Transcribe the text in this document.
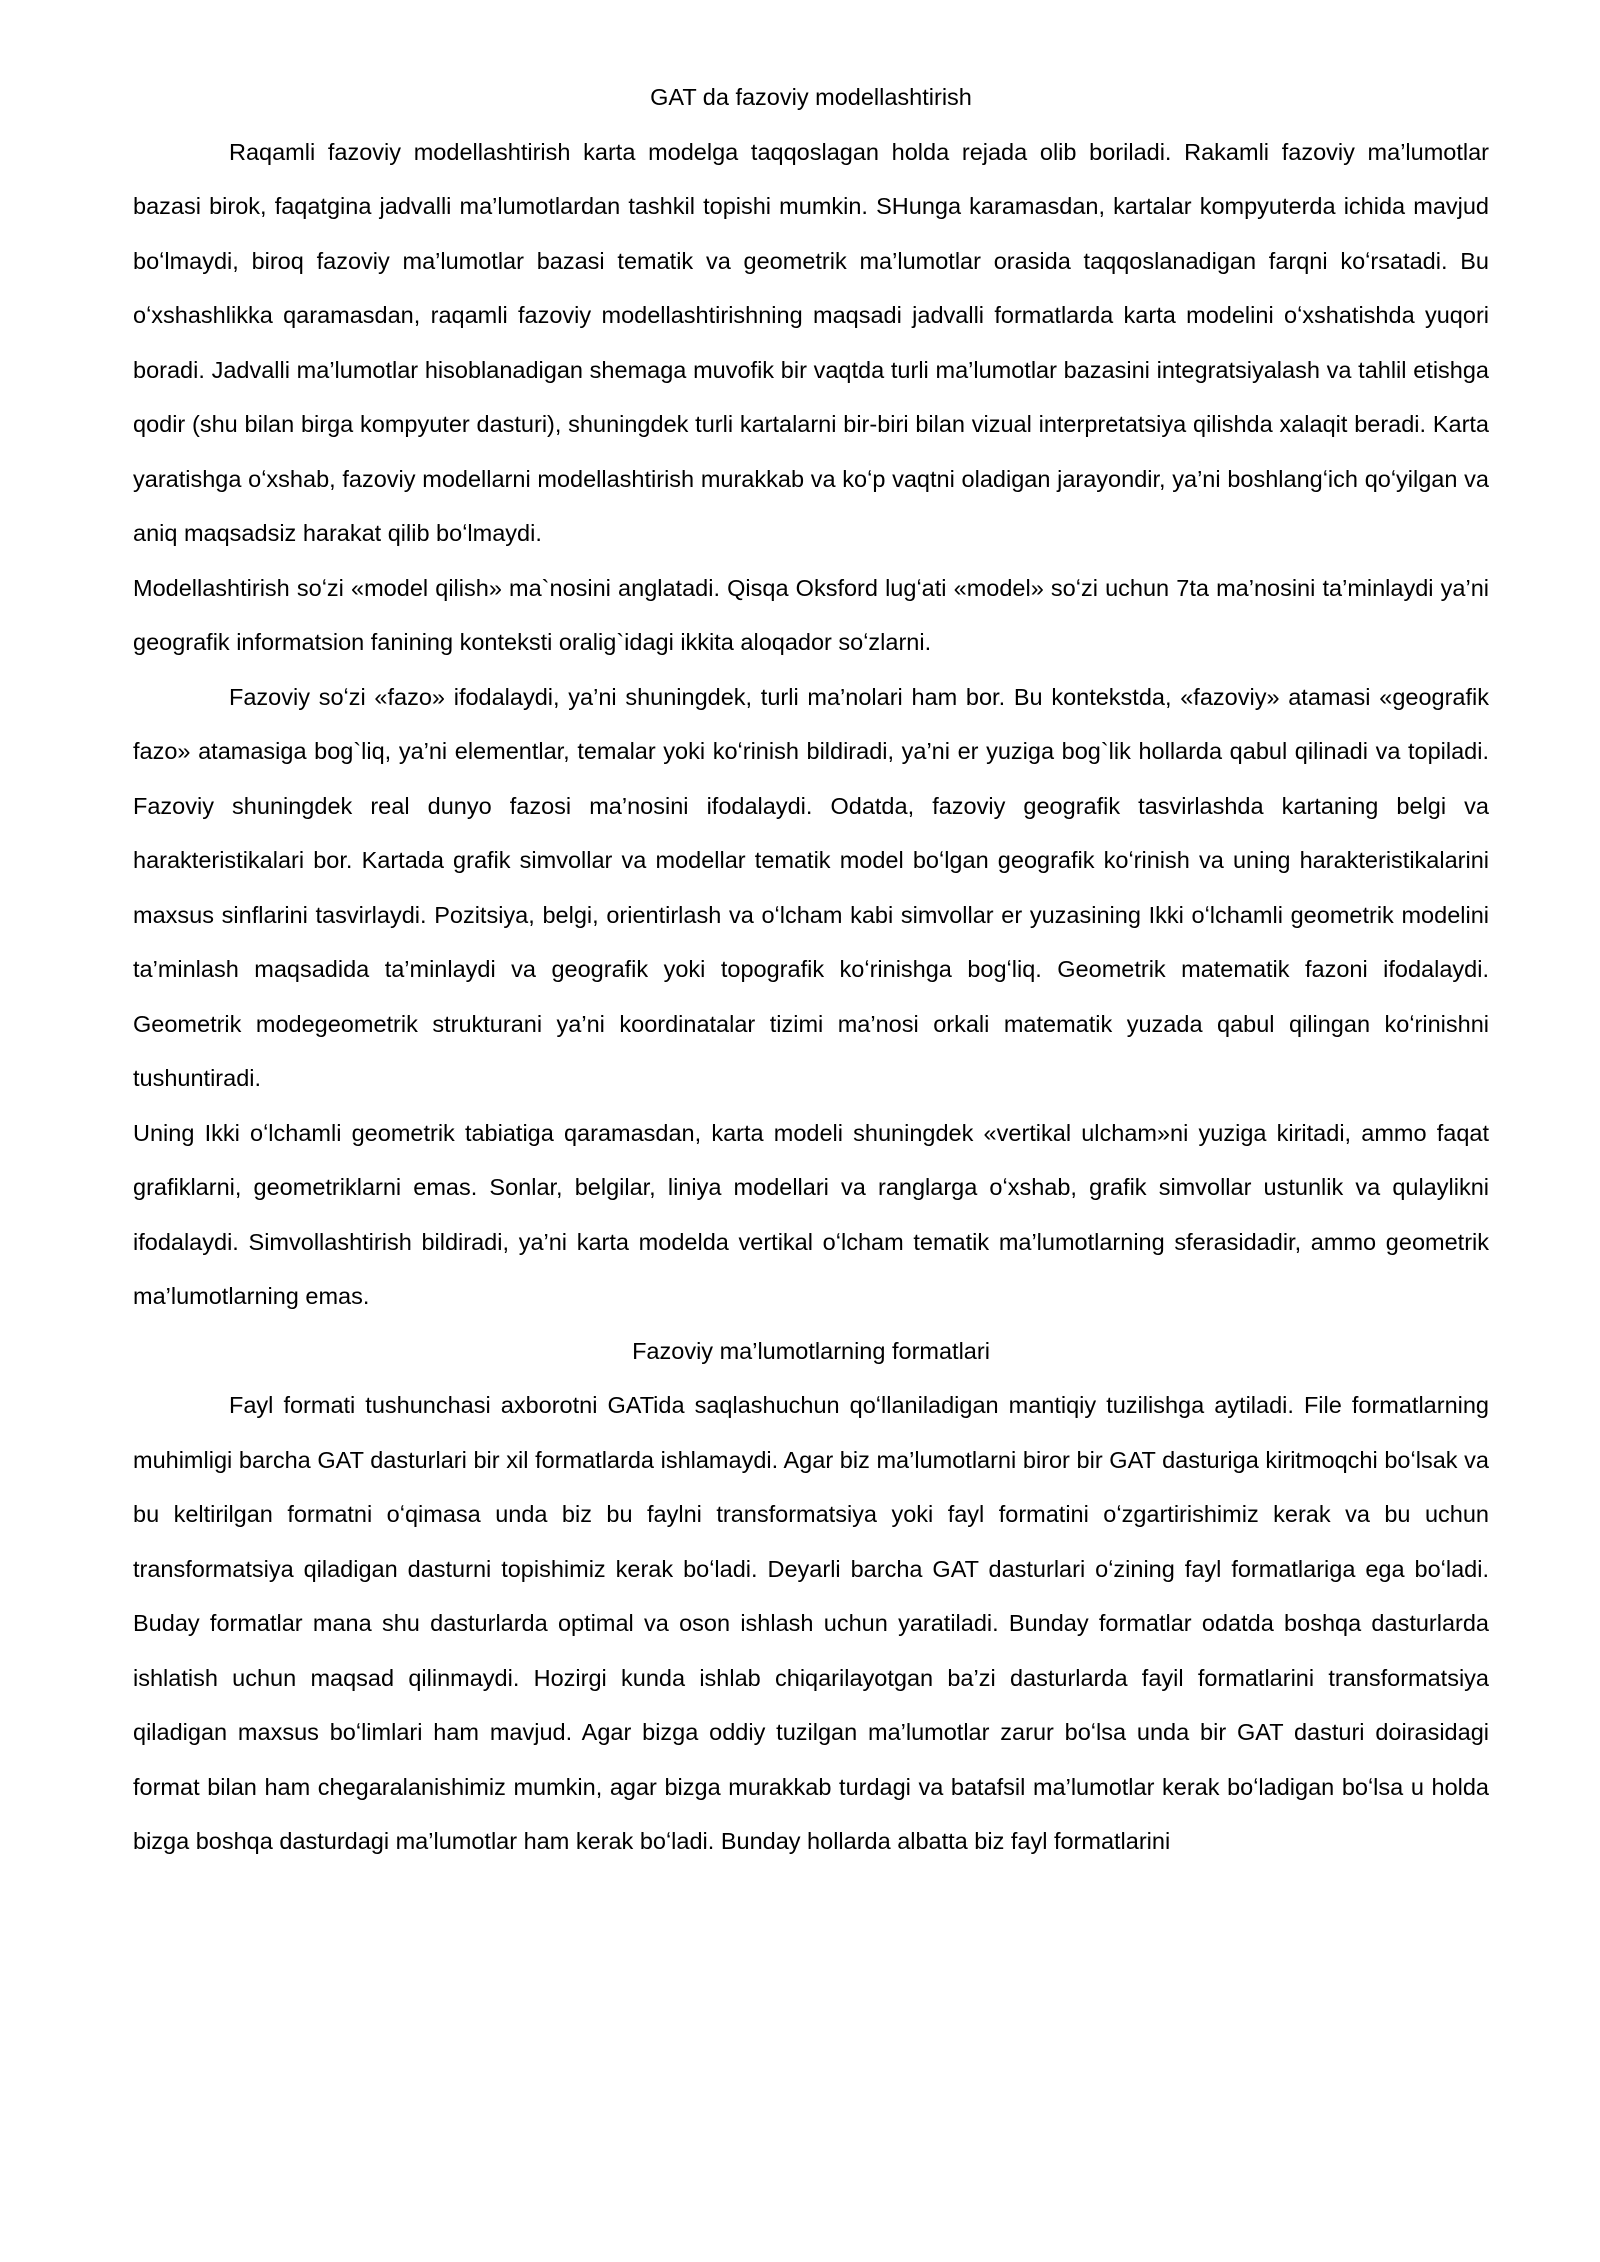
GAT da fazoviy modellashtirish

Raqamli fazoviy modellashtirish karta modelga taqqoslagan holda rejada olib boriladi. Rakamli fazoviy ma’lumotlar bazasi birok, faqatgina jadvalli ma’lumotlardan tashkil topishi mumkin. SHunga karamasdan, kartalar kompyuterda ichida mavjud boʻlmaydi, biroq fazoviy ma’lumotlar bazasi tematik va geometrik ma’lumotlar orasida taqqoslanadigan farqni koʻrsatadi. Bu oʻxshashlikka qaramasdan, raqamli fazoviy modellashtirishning maqsadi jadvalli formatlarda karta modelini oʻxshatishda yuqori boradi. Jadvalli ma’lumotlar hisoblanadigan shemaga muvofik bir vaqtda turli ma’lumotlar bazasini integratsiyalash va tahlil etishga qodir (shu bilan birga kompyuter dasturi), shuningdek turli kartalarni bir-biri bilan vizual interpretatsiya qilishda xalaqit beradi. Karta yaratishga oʻxshab, fazoviy modellarni modellashtirish murakkab va koʻp vaqtni oladigan jarayondir, ya’ni boshlangʻich qoʻyilgan va aniq maqsadsiz harakat qilib boʻlmaydi.

Modellashtirish soʻzi «model qilish» ma`nosini anglatadi. Qisqa Oksford lugʻati «model» soʻzi uchun 7ta ma’nosini ta’minlaydi ya’ni geografik informatsion fanining konteksti oralig`idagi ikkita aloqador soʻzlarni.

Fazoviy soʻzi «fazo» ifodalaydi, ya’ni shuningdek, turli ma’nolari ham bor. Bu kontekstda, «fazoviy» atamasi «geografik fazo» atamasiga bog`liq, ya’ni elementlar, temalar yoki koʻrinish bildiradi, ya’ni er yuziga bog`lik hollarda qabul qilinadi va topiladi. Fazoviy shuningdek real dunyo fazosi ma’nosini ifodalaydi. Odatda, fazoviy geografik tasvirlashda kartaning belgi va harakteristikalari bor. Kartada grafik simvollar va modellar tematik model boʻlgan geografik koʻrinish va uning harakteristikalarini maxsus sinflarini tasvirlaydi. Pozitsiya, belgi, orientirlash va oʻlcham kabi simvollar er yuzasining Ikki oʻlchamli geometrik modelini ta’minlash maqsadida ta’minlaydi va geografik yoki topografik koʻrinishga bogʻliq. Geometrik matematik fazoni ifodalaydi. Geometrik modegeometrik strukturani ya’ni koordinatalar tizimi ma’nosi orkali matematik yuzada qabul qilingan koʻrinishni tushuntiradi.

Uning Ikki oʻlchamli geometrik tabiatiga qaramasdan, karta modeli shuningdek «vertikal ulcham»ni yuziga kiritadi, ammo faqat grafiklarni, geometriklarni emas. Sonlar, belgilar, liniya modellari va ranglarga oʻxshab, grafik simvollar ustunlik va qulaylikni ifodalaydi. Simvollashtirish bildiradi, ya’ni karta modelda vertikal oʻlcham tematik ma’lumotlarning sferasidadir, ammo geometrik ma’lumotlarning emas.

Fazoviy ma’lumotlarning formatlari

Fayl formati tushunchasi axborotni GATida saqlashuchun qoʻllaniladigan mantiqiy tuzilishga aytiladi. File formatlarning muhimligi barcha GAT dasturlari bir xil formatlarda ishlamaydi. Agar biz ma’lumotlarni biror bir GAT dasturiga kiritmoqchi boʻlsak va bu keltirilgan formatni oʻqimasa unda biz bu faylni transformatsiya yoki fayl formatini oʻzgartirishimiz kerak va bu uchun transformatsiya qiladigan dasturni topishimiz kerak boʻladi. Deyarli barcha GAT dasturlari oʻzining fayl formatlariga ega boʻladi. Buday formatlar mana shu dasturlarda optimal va oson ishlash uchun yaratiladi. Bunday formatlar odatda boshqa dasturlarda ishlatish uchun maqsad qilinmaydi. Hozirgi kunda ishlab chiqarilayotgan ba’zi dasturlarda fayil formatlarini transformatsiya qiladigan maxsus boʻlimlari ham mavjud. Agar bizga oddiy tuzilgan ma’lumotlar zarur boʻlsa unda bir GAT dasturi doirasidagi format bilan ham chegaralanishimiz mumkin, agar bizga murakkab turdagi va batafsil ma’lumotlar kerak boʻladigan boʻlsa u holda bizga boshqa dasturdagi ma’lumotlar ham kerak boʻladi. Bunday hollarda albatta biz fayl formatlarini
